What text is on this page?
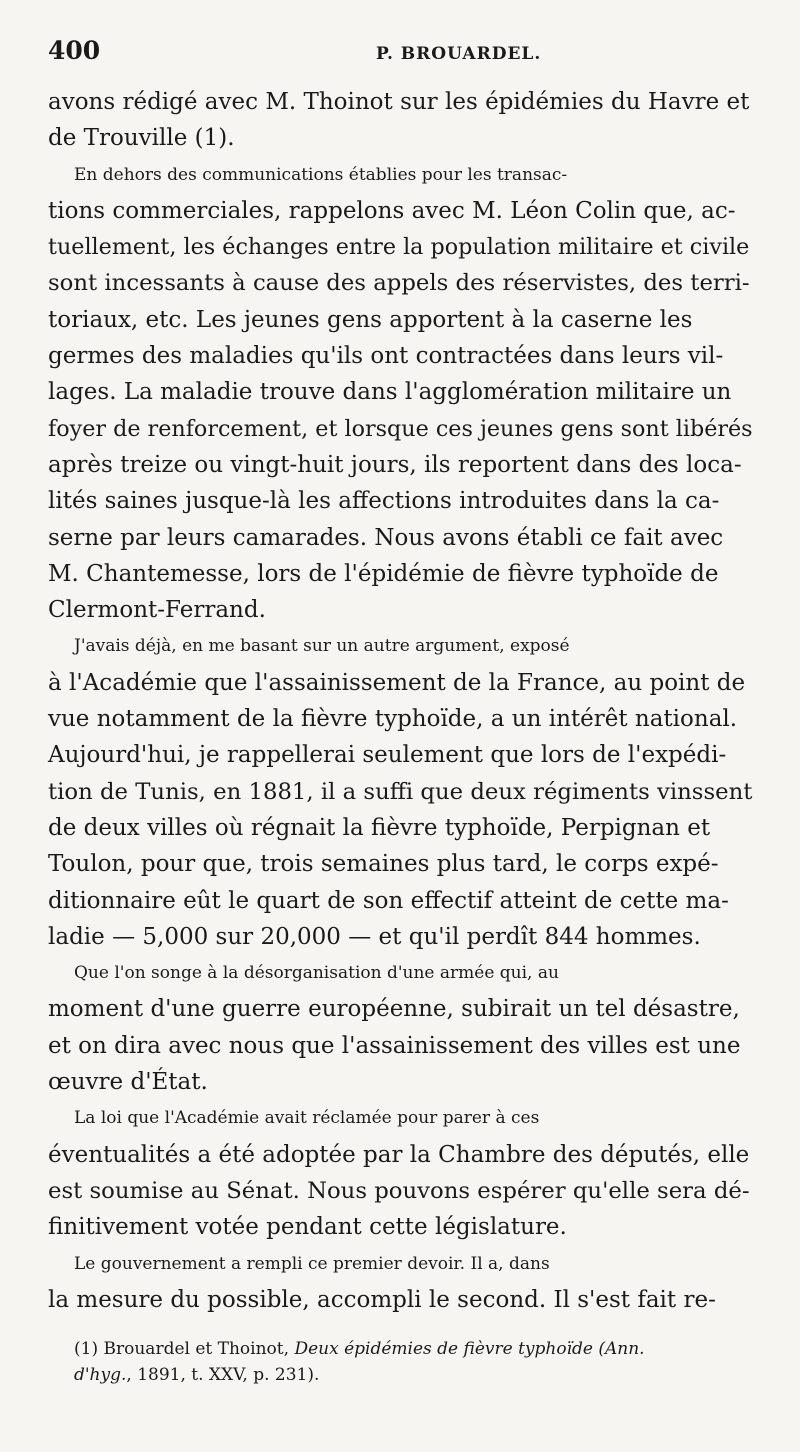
400	P. BROUARDEL.
avons rédigé avec M. Thoinot sur les épidémies du Havre et
de Trouville (1).
En dehors des communications établies pour les transac-
tions commerciales, rappelons avec M. Léon Colin que, ac-
tuellement, les échanges entre la population militaire et civile
sont incessants à cause des appels des réservistes, des terri-
toriaux, etc. Les jeunes gens apportent à la caserne les
germes des maladies qu'ils ont contractées dans leurs vil-
lages. La maladie trouve dans l'agglomération militaire un
foyer de renforcement, et lorsque ces jeunes gens sont libérés
après treize ou vingt-huit jours, ils reportent dans des loca-
lités saines jusque-là les affections introduites dans la ca-
serne par leurs camarades. Nous avons établi ce fait avec
M. Chantemesse, lors de l'épidémie de fièvre typhoïde de
Clermont-Ferrand.
J'avais déjà, en me basant sur un autre argument, exposé
à l'Académie que l'assainissement de la France, au point de
vue notamment de la fièvre typhoïde, a un intérêt national.
Aujourd'hui, je rappellerai seulement que lors de l'expédi-
tion de Tunis, en 1881, il a suffi que deux régiments vinssent
de deux villes où régnait la fièvre typhoïde, Perpignan et
Toulon, pour que, trois semaines plus tard, le corps expé-
ditionnaire eût le quart de son effectif atteint de cette ma-
ladie — 5,000 sur 20,000 — et qu'il perdît 844 hommes.
Que l'on songe à la désorganisation d'une armée qui, au
moment d'une guerre européenne, subirait un tel désastre,
et on dira avec nous que l'assainissement des villes est une
œuvre d'État.
La loi que l'Académie avait réclamée pour parer à ces
éventualités a été adoptée par la Chambre des députés, elle
est soumise au Sénat. Nous pouvons espérer qu'elle sera dé-
finitivement votée pendant cette législature.
Le gouvernement a rempli ce premier devoir. Il a, dans
la mesure du possible, accompli le second. Il s'est fait re-
(1) Brouardel et Thoinot, Deux épidémies de fièvre typhoïde (Ann.
d'hyg., 1891, t. XXV, p. 231).
